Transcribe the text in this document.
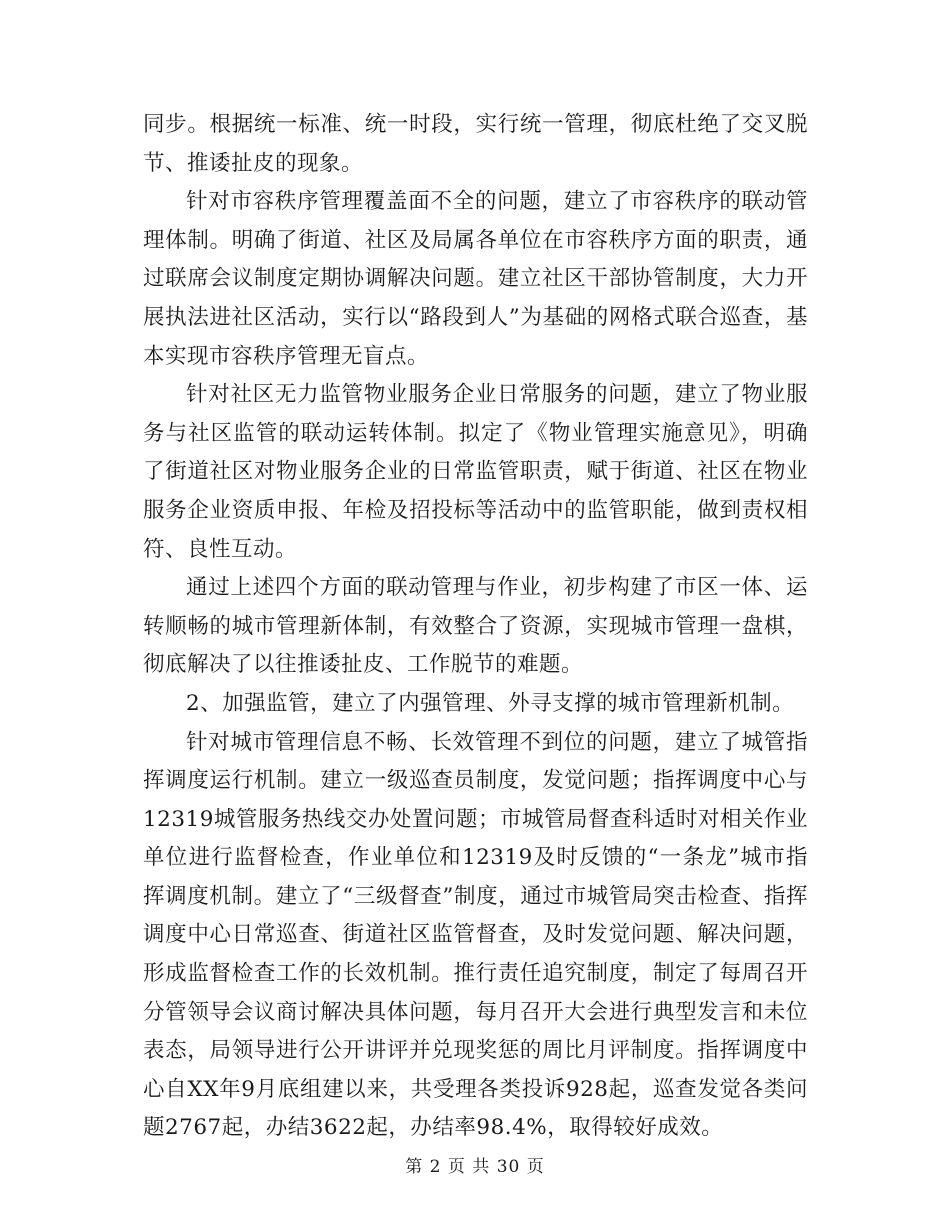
同步。根据统一标准、统一时段，实行统一管理，彻底杜绝了交叉脱节、推诿扯皮的现象。

针对市容秩序管理覆盖面不全的问题，建立了市容秩序的联动管理体制。明确了街道、社区及局属各单位在市容秩序方面的职责，通过联席会议制度定期协调解决问题。建立社区干部协管制度，大力开展执法进社区活动，实行以“路段到人”为基础的网格式联合巡查，基本实现市容秩序管理无盲点。

针对社区无力监管物业服务企业日常服务的问题，建立了物业服务与社区监管的联动运转体制。拟定了《物业管理实施意见》，明确了街道社区对物业服务企业的日常监管职责，赋于街道、社区在物业服务企业资质申报、年检及招投标等活动中的监管职能，做到责权相符、良性互动。

通过上述四个方面的联动管理与作业，初步构建了市区一体、运转顺畅的城市管理新体制，有效整合了资源，实现城市管理一盘棋，彻底解决了以往推诿扯皮、工作脱节的难题。

2、加强监管，建立了内强管理、外寻支撑的城市管理新机制。

针对城市管理信息不畅、长效管理不到位的问题，建立了城管指挥调度运行机制。建立一级巡查员制度，发觉问题；指挥调度中心与12319城管服务热线交办处置问题；市城管局督查科适时对相关作业单位进行监督检查，作业单位和12319及时反馈的“一条龙”城市指挥调度机制。建立了“三级督查”制度，通过市城管局突击检查、指挥调度中心日常巡查、街道社区监管督查，及时发觉问题、解决问题，形成监督检查工作的长效机制。推行责任追究制度，制定了每周召开分管领导会议商讨解决具体问题，每月召开大会进行典型发言和未位表态，局领导进行公开讲评并兑现奖惩的周比月评制度。指挥调度中心自XX年9月底组建以来，共受理各类投诉928起，巡查发觉各类问题2767起，办结3622起，办结率98.4%，取得较好成效。

第 2 页 共 30 页
